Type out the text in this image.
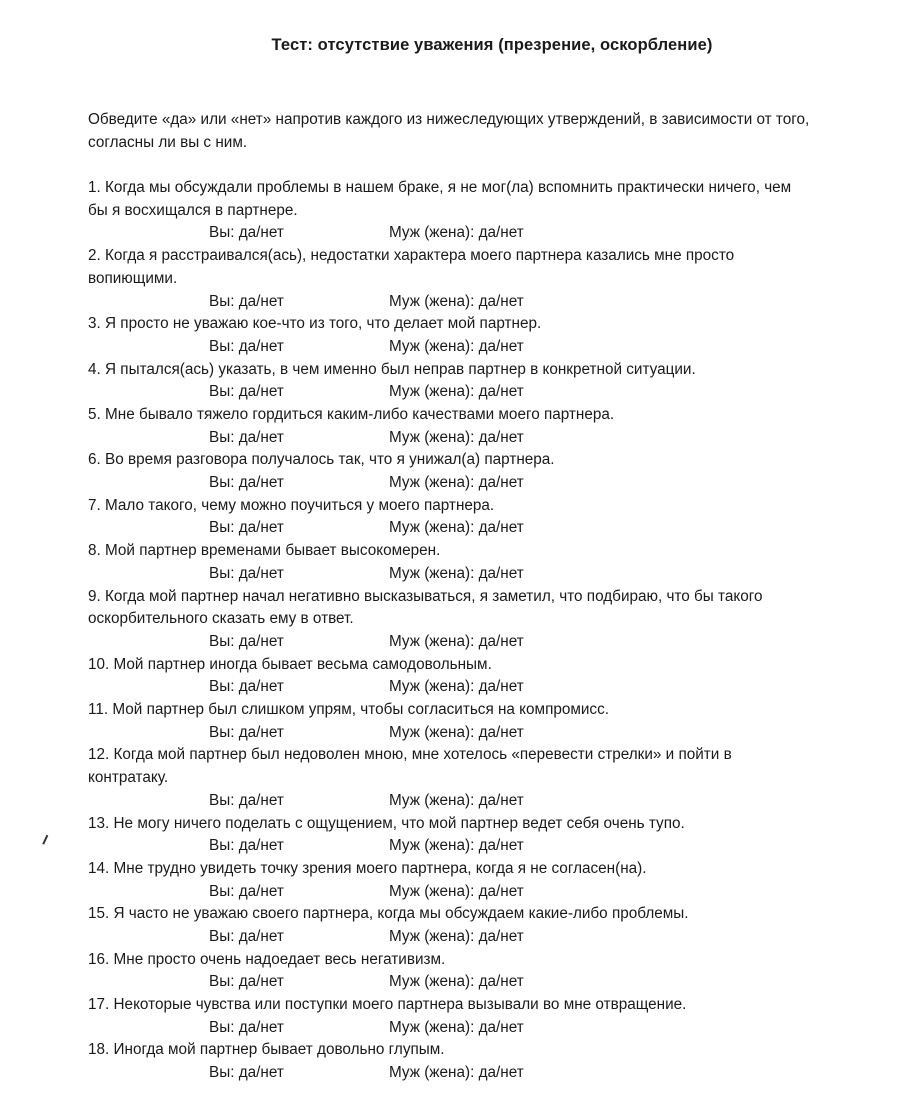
Тест: отсутствие уважения (презрение, оскорбление)
Обведите «да» или «нет» напротив каждого из нижеследующих утверждений, в зависимости от того, согласны ли вы с ним.
1. Когда мы обсуждали проблемы в нашем браке, я не мог(ла) вспомнить практически ничего, чем бы я восхищался в партнере.
Вы: да/нет	Муж (жена): да/нет
2. Когда я расстраивался(ась), недостатки характера моего партнера казались мне просто вопиющими.
Вы: да/нет	Муж (жена): да/нет
3. Я просто не уважаю кое-что из того, что делает мой партнер.
Вы: да/нет	Муж (жена): да/нет
4. Я пытался(ась) указать, в чем именно был неправ партнер в конкретной ситуации.
Вы: да/нет	Муж (жена): да/нет
5. Мне бывало тяжело гордиться каким-либо качествами моего партнера.
Вы: да/нет	Муж (жена): да/нет
6. Во время разговора получалось так, что я унижал(а) партнера.
Вы: да/нет	Муж (жена): да/нет
7. Мало такого, чему можно поучиться у моего партнера.
Вы: да/нет	Муж (жена): да/нет
8. Мой партнер временами бывает высокомерен.
Вы: да/нет	Муж (жена): да/нет
9. Когда мой партнер начал негативно высказываться, я заметил, что подбираю, что бы такого оскорбительного сказать ему в ответ.
Вы: да/нет	Муж (жена): да/нет
10. Мой партнер иногда бывает весьма самодовольным.
Вы: да/нет	Муж (жена): да/нет
11. Мой партнер был слишком упрям, чтобы согласиться на компромисс.
Вы: да/нет	Муж (жена): да/нет
12. Когда мой партнер был недоволен мною, мне хотелось «перевести стрелки» и пойти в контратаку.
Вы: да/нет	Муж (жена): да/нет
13. Не могу ничего поделать с ощущением, что мой партнер ведет себя очень тупо.
Вы: да/нет	Муж (жена): да/нет
14. Мне трудно увидеть точку зрения моего партнера, когда я не согласен(на).
Вы: да/нет	Муж (жена): да/нет
15. Я часто не уважаю своего партнера, когда мы обсуждаем какие-либо проблемы.
Вы: да/нет	Муж (жена): да/нет
16. Мне просто очень надоедает весь негативизм.
Вы: да/нет	Муж (жена): да/нет
17. Некоторые чувства или поступки моего партнера вызывали во мне отвращение.
Вы: да/нет	Муж (жена): да/нет
18. Иногда мой партнер бывает довольно глупым.
Вы: да/нет	Муж (жена): да/нет
